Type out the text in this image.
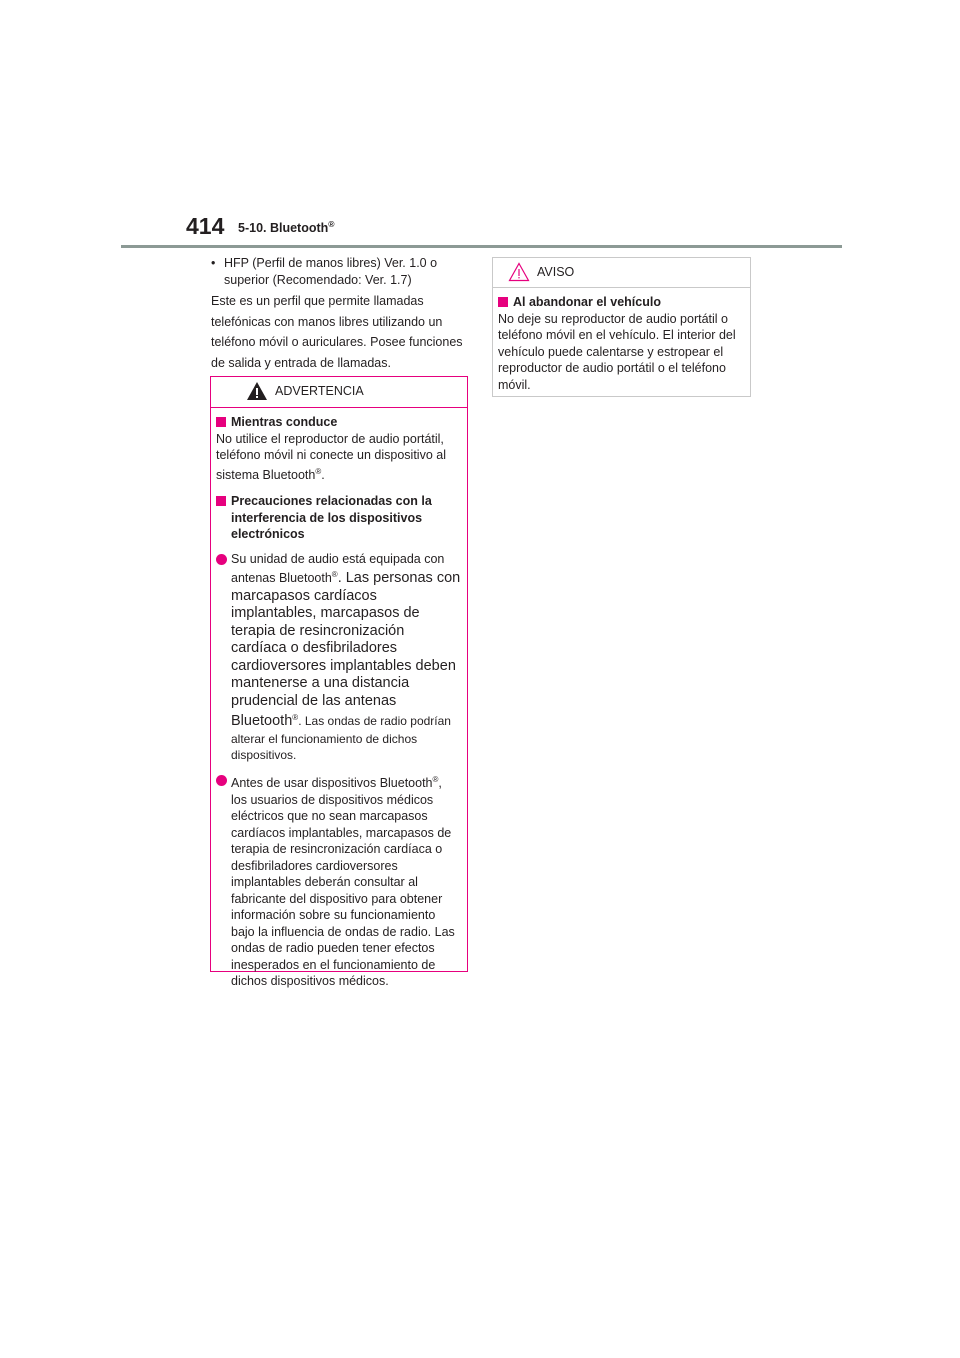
414 5-10. Bluetooth®
• HFP (Perfil de manos libres) Ver. 1.0 o superior (Recomendado: Ver. 1.7)
Este es un perfil que permite llamadas telefónicas con manos libres utilizando un teléfono móvil o auriculares. Posee funciones de salida y entrada de llamadas.
ADVERTENCIA
Mientras conduce
No utilice el reproductor de audio portátil, teléfono móvil ni conecte un dispositivo al sistema Bluetooth®.
Precauciones relacionadas con la interferencia de los dispositivos electrónicos
Su unidad de audio está equipada con antenas Bluetooth®. Las personas con marcapasos cardíacos implantables, marcapasos de terapia de resincronización cardíaca o desfibriladores cardioversores implantables deben mantenerse a una distancia prudencial de las antenas Bluetooth®. Las ondas de radio podrían alterar el funcionamiento de dichos dispositivos.
Antes de usar dispositivos Bluetooth®, los usuarios de dispositivos médicos eléctricos que no sean marcapasos cardíacos implantables, marcapasos de terapia de resincronización cardíaca o desfibriladores cardioversores implantables deberán consultar al fabricante del dispositivo para obtener información sobre su funcionamiento bajo la influencia de ondas de radio. Las ondas de radio pueden tener efectos inesperados en el funcionamiento de dichos dispositivos médicos.
AVISO
Al abandonar el vehículo
No deje su reproductor de audio portátil o teléfono móvil en el vehículo. El interior del vehículo puede calentarse y estropear el reproductor de audio portátil o el teléfono móvil.
